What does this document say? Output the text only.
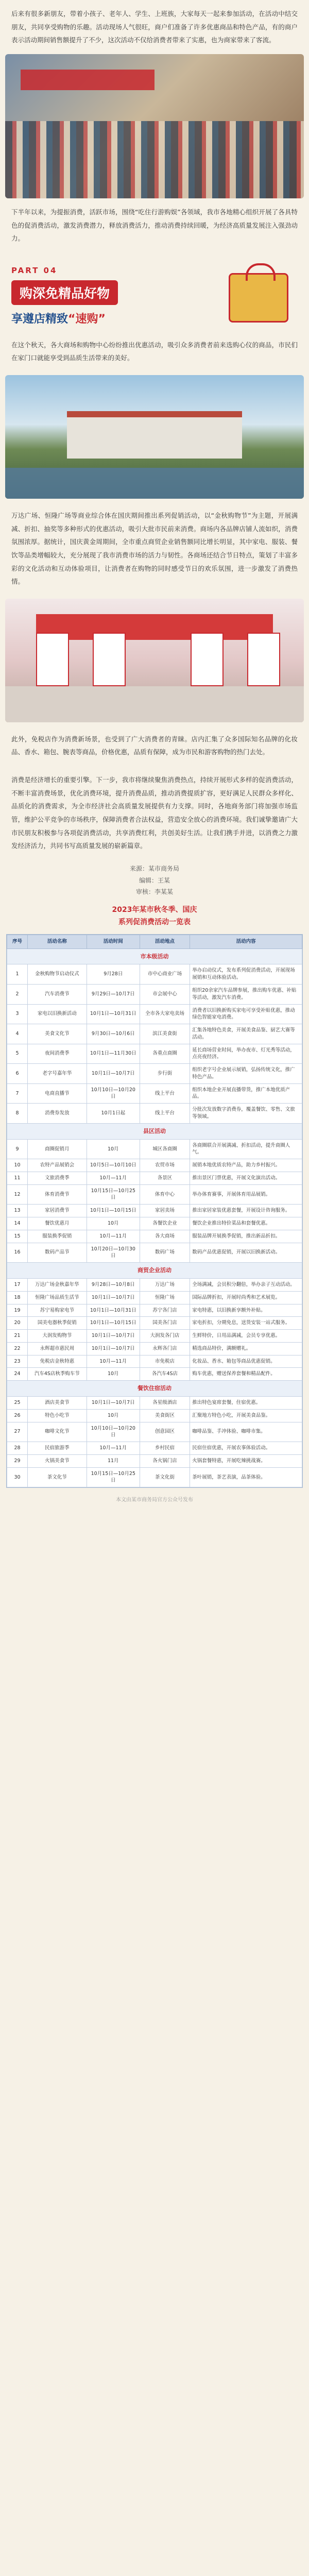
后来有很多新朋友，带着小孩子、老年人、学生、上班族，大家每天一起来参加活动，在活动中结交朋友，共同享受购物的乐趣。活动现场人气很旺，商户们准备了许多优惠商品和特色产品，有的商户表示活动期间销售额提升了不少，这次活动不仅给消费者带来了实惠，也为商家带来了客流。
下半年以来，为提振消费，活跃市场，围绕“吃住行游购娱”各领域，我市各地精心组织开展了各具特色的促消费活动，激发消费潜力，释放消费活力，推动消费持续回暖，为经济高质量发展注入强劲动力。
PART 04
购深免精品好物
享遵店精致“速购”
在这个秋天，各大商场和购物中心纷纷推出优惠活动，吸引众多消费者前来选购心仪的商品，市民们在家门口就能享受到品质生活带来的美好。
万达广场、恒隆广场等商业综合体在国庆期间推出系列促销活动，以“金秋购物节”为主题，开展满减、折扣、抽奖等多种形式的优惠活动，吸引大批市民前来消费。商场内各品牌店铺人流如织，消费氛围浓厚。据统计，国庆黄金周期间，全市重点商贸企业销售额同比增长明显，其中家电、服装、餐饮等品类增幅较大，充分展现了我市消费市场的活力与韧性。各商场还结合节日特点，策划了丰富多彩的文化活动和互动体验项目，让消费者在购物的同时感受节日的欢乐氛围，进一步激发了消费热情。
此外，免税店作为消费新场景，也受到了广大消费者的青睐。店内汇集了众多国际知名品牌的化妆品、香水、箱包、腕表等商品，价格优惠，品质有保障，成为市民和游客购物的热门去处。
消费是经济增长的重要引擎。下一步，我市将继续聚焦消费热点，持续开展形式多样的促消费活动，不断丰富消费场景，优化消费环境，提升消费品质，推动消费提质扩容，更好满足人民群众多样化、品质化的消费需求，为全市经济社会高质量发展提供有力支撑。同时，各地商务部门将加强市场监管，维护公平竞争的市场秩序，保障消费者合法权益，营造安全放心的消费环境。我们诚挚邀请广大市民朋友积极参与各项促消费活动，共享消费红利，共创美好生活。让我们携手并进，以消费之力激发经济活力，共同书写高质量发展的崭新篇章。
来源：某市商务局
编辑：王某
审核：李某某
2023年某市秋冬季、国庆
系列促消费活动一览表
序号	活动名称	活动时间	活动地点	活动内容
市本级活动				
1	金秋购物节启动仪式	9月28日	市中心商业广场	举办启动仪式，发布系列促消费活动，开展现场展销和互动体验活动。
2	汽车消费节	9月29日—10月7日	市会展中心	组织20余家汽车品牌参展，推出购车优惠、补贴等活动，激发汽车消费。
3	家电以旧换新活动	10月1日—10月31日	全市各大家电卖场	消费者以旧换新购买家电可享受补贴优惠，推动绿色智能家电消费。
4	美食文化节	9月30日—10月6日	滨江美食街	汇集各地特色美食，开展美食品鉴、厨艺大赛等活动。
5	夜间消费季	10月1日—11月30日	各重点商圈	延长商场营业时间，举办夜市、灯光秀等活动，点亮夜经济。
6	老字号嘉年华	10月1日—10月7日	步行街	组织老字号企业展示展销，弘扬传统文化，推广特色产品。
7	电商直播节	10月10日—10月20日	线上平台	组织本地企业开展直播带货，推广本地优质产品。
8	消费券发放	10月1日起	线上平台	分批次发放数字消费券，覆盖餐饮、零售、文旅等领域。
县区活动				
9	商圈促销月	10月	城区各商圈	各商圈联合开展满减、折扣活动，提升商圈人气。
10	农特产品展销会	10月5日—10月10日	农贸市场	展销本地优质农特产品，助力乡村振兴。
11	文旅消费季	10月—11月	各景区	推出景区门票优惠，开展文化演出活动。
12	体育消费节	10月15日—10月25日	体育中心	举办体育赛事，开展体育用品展销。
13	家居消费节	10月1日—10月15日	家居卖场	推出家居家装优惠套餐，开展设计咨询服务。
14	餐饮优惠月	10月	各餐饮企业	餐饮企业推出特价菜品和套餐优惠。
15	服装换季促销	10月—11月	各大商场	服装品牌开展换季促销，推出新品折扣。
16	数码产品节	10月20日—10月30日	数码广场	数码产品优惠促销，开展以旧换新活动。
商贸企业活动				
17	万达广场金秋嘉年华	9月28日—10月8日	万达广场	全场满减，会员积分翻倍，举办亲子互动活动。
18	恒隆广场品质生活节	10月1日—10月7日	恒隆广场	国际品牌折扣，开展时尚秀和艺术展览。
19	苏宁易购家电节	10月1日—10月31日	苏宁各门店	家电特惠，以旧换新享额外补贴。
20	国美电器秋季促销	10月1日—10月15日	国美各门店	家电折扣，分期免息，送货安装一站式服务。
21	大润发购物节	10月1日—10月7日	大润发各门店	生鲜特价，日用品满减，会员专享优惠。
22	永辉超市惠民周	10月1日—10月7日	永辉各门店	精选商品特价，满额赠礼。
23	免税店金秋特惠	10月—11月	市免税店	化妆品、香水、箱包等商品优惠促销。
24	汽车4S店秋季购车节	10月	各汽车4S店	购车优惠，赠送保养套餐和精品配件。
餐饮住宿活动				
25	酒店美食节	10月1日—10月7日	各星级酒店	推出特色宴席套餐，住宿优惠。
26	特色小吃节	10月	美食街区	汇聚地方特色小吃，开展美食品鉴。
27	咖啡文化节	10月10日—10月20日	创意园区	咖啡品鉴、手冲体验、咖啡市集。
28	民宿旅游季	10月—11月	乡村民宿	民宿住宿优惠，开展农事体验活动。
29	火锅美食节	11月	各火锅门店	火锅套餐特惠，开展吃辣挑战赛。
30	茶文化节	10月15日—10月25日	茶文化街	茶叶展销，茶艺表演，品茶体验。
本文由某市商务局官方公众号发布
